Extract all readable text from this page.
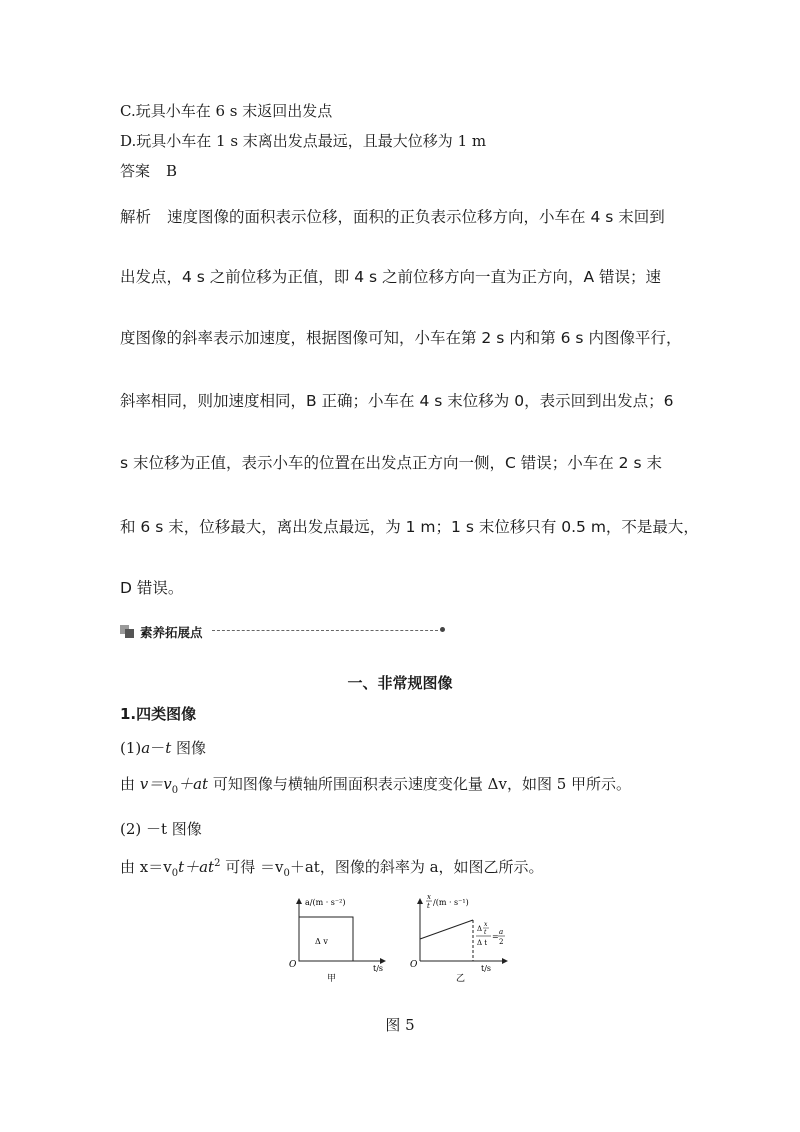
C.玩具小车在 6 s 末返回出发点
D.玩具小车在 1 s 末离出发点最远，且最大位移为 1 m
答案 B
解析 速度图像的面积表示位移，面积的正负表示位移方向，小车在 4 s 末回到
出发点，4 s 之前位移为正值，即 4 s 之前位移方向一直为正方向，A 错误；速
度图像的斜率表示加速度，根据图像可知，小车在第 2 s 内和第 6 s 内图像平行，
斜率相同，则加速度相同，B 正确；小车在 4 s 末位移为 0，表示回到出发点；6
s 末位移为正值，表示小车的位置在出发点正方向一侧，C 错误；小车在 2 s 末
和 6 s 末，位移最大，离出发点最远，为 1 m；1 s 末位移只有 0.5 m，不是最大，
D 错误。
素养拓展点
一、非常规图像
1.四类图像
(1)a－t 图像
由 $v=v_0+at$ 可知图像与横轴所围面积表示速度变化量 Δv，如图 5 甲所示。
(2) －t 图像
由 $x=v_0t+at^2$ 可得 $=v_0+at$，图像的斜率为 a，如图乙所示。
a/(m · s⁻²)
Δ v
O	t/s
甲
x
t /(m · s⁻¹)
Δ
x
t
Δ t
= a
2
O	t/s
乙
图 5
